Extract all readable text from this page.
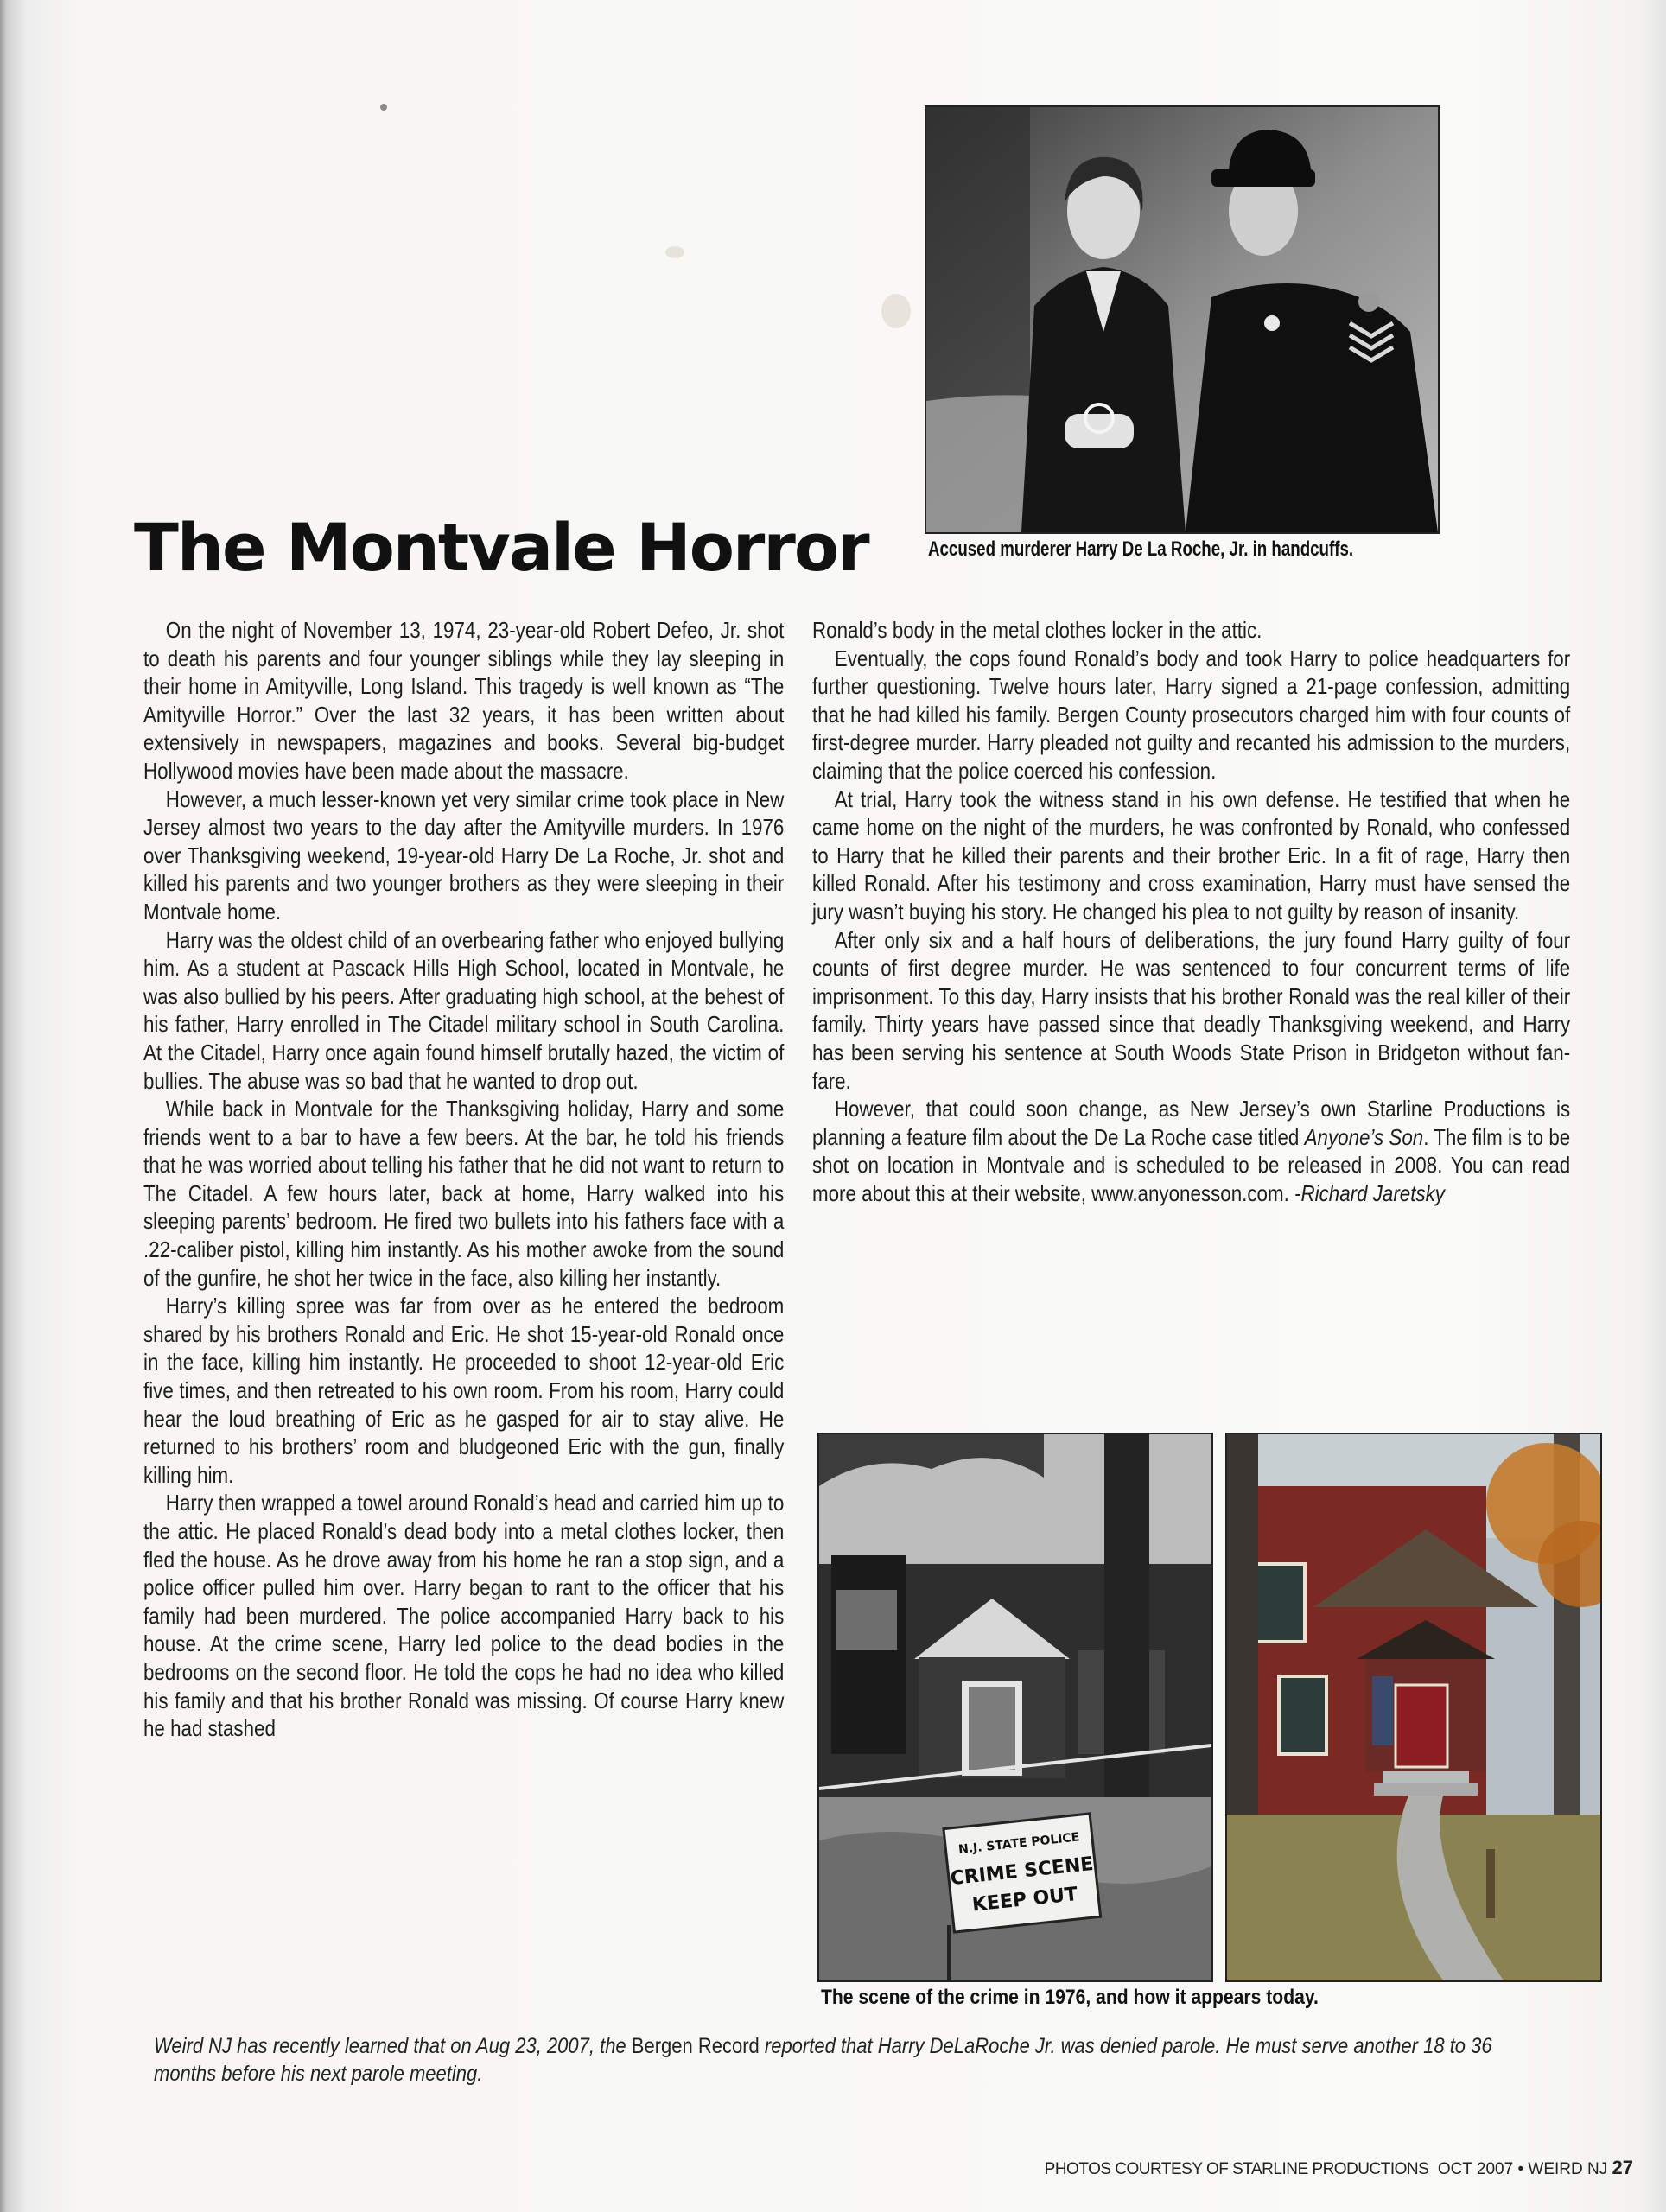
Accused murderer Harry De La Roche, Jr. in handcuffs.
The Montvale Horror

On the night of November 13, 1974, 23-year-old Robert Defeo, Jr. shot to death his parents and four younger siblings while they lay sleeping in their home in Amityville, Long Island. This tragedy is well known as “The Amityville Horror.” Over the last 32 years, it has been written about extensively in newspapers, magazines and books. Several big-budget Hollywood movies have been made about the massacre.

However, a much lesser-known yet very similar crime took place in New Jersey almost two years to the day after the Amityville murders. In 1976 over Thanksgiving weekend, 19-year-old Harry De La Roche, Jr. shot and killed his parents and two younger brothers as they were sleeping in their Montvale home.

Harry was the oldest child of an overbearing father who enjoyed bullying him. As a student at Pascack Hills High School, located in Montvale, he was also bullied by his peers. After graduating high school, at the behest of his father, Harry enrolled in The Citadel military school in South Carolina. At the Citadel, Harry once again found himself brutally hazed, the victim of bullies. The abuse was so bad that he wanted to drop out.

While back in Montvale for the Thanksgiving holiday, Harry and some friends went to a bar to have a few beers. At the bar, he told his friends that he was worried about telling his father that he did not want to return to The Citadel. A few hours later, back at home, Harry walked into his sleeping parents’ bedroom. He fired two bullets into his fathers face with a .22-caliber pistol, killing him instantly. As his mother awoke from the sound of the gunfire, he shot her twice in the face, also killing her instantly.

Harry’s killing spree was far from over as he entered the bedroom shared by his brothers Ronald and Eric. He shot 15-year-old Ronald once in the face, killing him instantly. He proceeded to shoot 12-year-old Eric five times, and then retreated to his own room. From his room, Harry could hear the loud breathing of Eric as he gasped for air to stay alive. He returned to his brothers’ room and bludgeoned Eric with the gun, finally killing him.

Harry then wrapped a towel around Ronald’s head and carried him up to the attic. He placed Ronald’s dead body into a metal clothes locker, then fled the house. As he drove away from his home he ran a stop sign, and a police officer pulled him over. Harry began to rant to the officer that his family had been murdered. The police accompanied Harry back to his house. At the crime scene, Harry led police to the dead bodies in the bedrooms on the second floor. He told the cops he had no idea who killed his family and that his brother Ronald was missing. Of course Harry knew he had stashed

Ronald’s body in the metal clothes locker in the attic.

Eventually, the cops found Ronald’s body and took Harry to police headquarters for further questioning. Twelve hours later, Harry signed a 21-page confession, admitting that he had killed his family. Bergen County prosecutors charged him with four counts of first-degree murder. Harry pleaded not guilty and recanted his admission to the murders, claiming that the police coerced his confession.

At trial, Harry took the witness stand in his own defense. He testified that when he came home on the night of the murders, he was confronted by Ronald, who confessed to Harry that he killed their parents and their brother Eric. In a fit of rage, Harry then killed Ronald. After his testimony and cross examination, Harry must have sensed the jury wasn’t buying his story. He changed his plea to not guilty by reason of insanity.

After only six and a half hours of deliberations, the jury found Harry guilty of four counts of first degree murder. He was sentenced to four concurrent terms of life imprisonment. To this day, Harry insists that his brother Ronald was the real killer of their family. Thirty years have passed since that deadly Thanksgiving weekend, and Harry has been serving his sentence at South Woods State Prison in Bridgeton without fanfare.

However, that could soon change, as New Jersey’s own Starline Productions is planning a feature film about the De La Roche case titled Anyone’s Son. The film is to be shot on location in Montvale and is scheduled to be released in 2008. You can read more about this at their website, www.anyonesson.com. -Richard Jaretsky

N.J. STATE POLICE
CRIME SCENE
KEEP OUT
The scene of the crime in 1976, and how it appears today.

Weird NJ has recently learned that on Aug 23, 2007, the Bergen Record reported that Harry DeLaRoche Jr. was denied parole. He must serve another 18 to 36 months before his next parole meeting.

PHOTOS COURTESY OF STARLINE PRODUCTIONS OCT 2007 • WEIRD NJ 27
